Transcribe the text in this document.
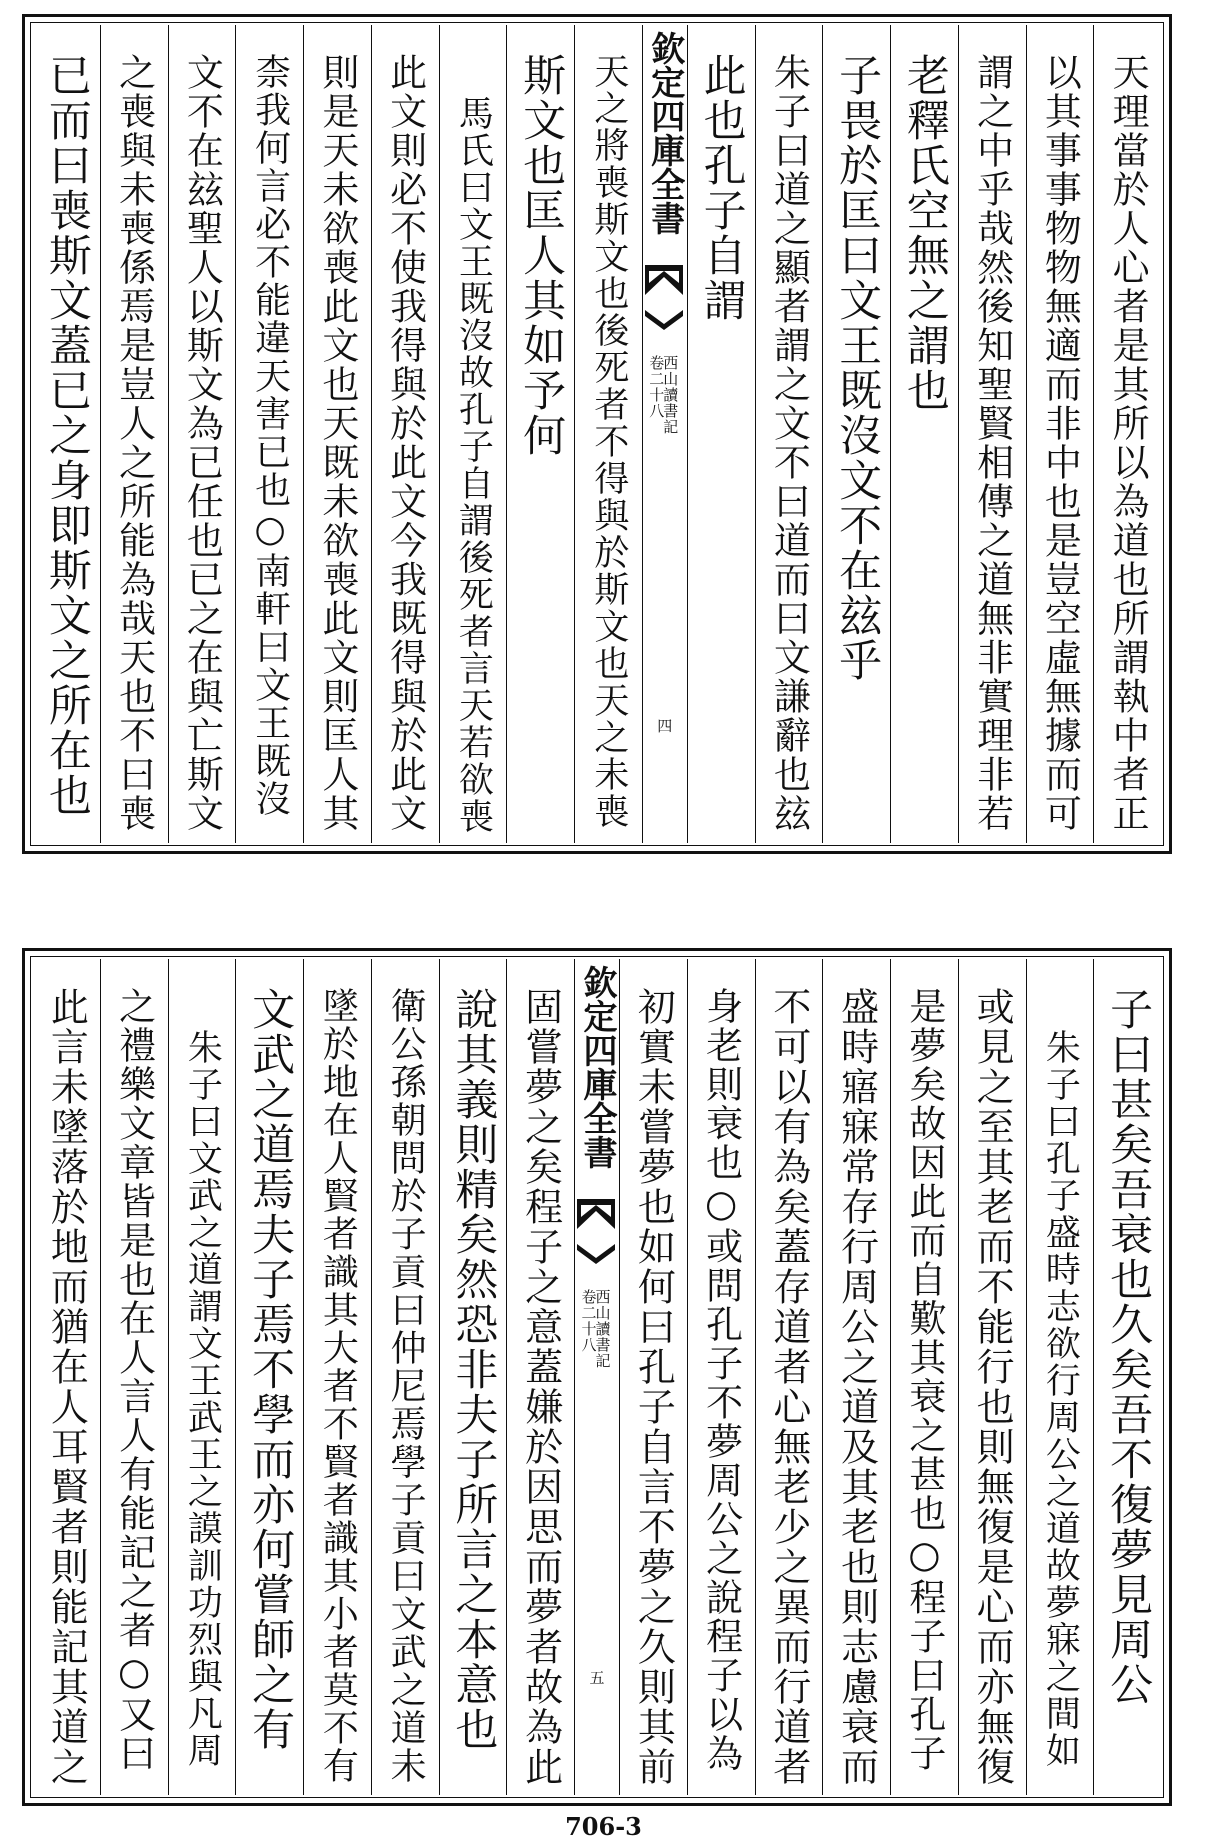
天理當於人心者是其所以為道也所謂執中者正
以其事事物物無適而非中也是豈空虛無據而可
謂之中乎哉然後知聖賢相傳之道無非實理非若
老釋氏空無之謂也
子畏於匡曰文王既沒文不在玆乎
朱子曰道之顯者謂之文不曰道而曰文謙辭也玆
此也孔子自謂
欽定四庫全書
西山讀書記
卷二十八
四
天之將喪斯文也後死者不得與於斯文也天之未喪
斯文也匡人其如予何
馬氏曰文王既沒故孔子自謂後死者言天若欲喪
此文則必不使我得與於此文今我既得與於此文
則是天未欲喪此文也天既未欲喪此文則匡人其
柰我何言必不能違天害已也○南軒曰文王既沒
文不在玆聖人以斯文為已任也已之在與亡斯文
之喪與未喪係焉是豈人之所能為哉天也不曰喪
已而曰喪斯文蓋已之身即斯文之所在也
子曰甚矣吾衰也久矣吾不復夢見周公
朱子曰孔子盛時志欲行周公之道故夢寐之間如
或見之至其老而不能行也則無復是心而亦無復
是夢矣故因此而自歎其衰之甚也○程子曰孔子
盛時寤寐常存行周公之道及其老也則志慮衰而
不可以有為矣蓋存道者心無老少之異而行道者
身老則衰也○或問孔子不夢周公之說程子以為
初實未嘗夢也如何曰孔子自言不夢之久則其前
欽定四庫全書
西山讀書記
卷二十八
五
固嘗夢之矣程子之意蓋嫌於因思而夢者故為此
說其義則精矣然恐非夫子所言之本意也
衛公孫朝問於子貢曰仲尼焉學子貢曰文武之道未
墜於地在人賢者識其大者不賢者識其小者莫不有
文武之道焉夫子焉不學而亦何嘗師之有
朱子曰文武之道謂文王武王之謨訓功烈與凡周
之禮樂文章皆是也在人言人有能記之者○又曰
此言未墜落於地而猶在人耳賢者則能記其道之
706-3
